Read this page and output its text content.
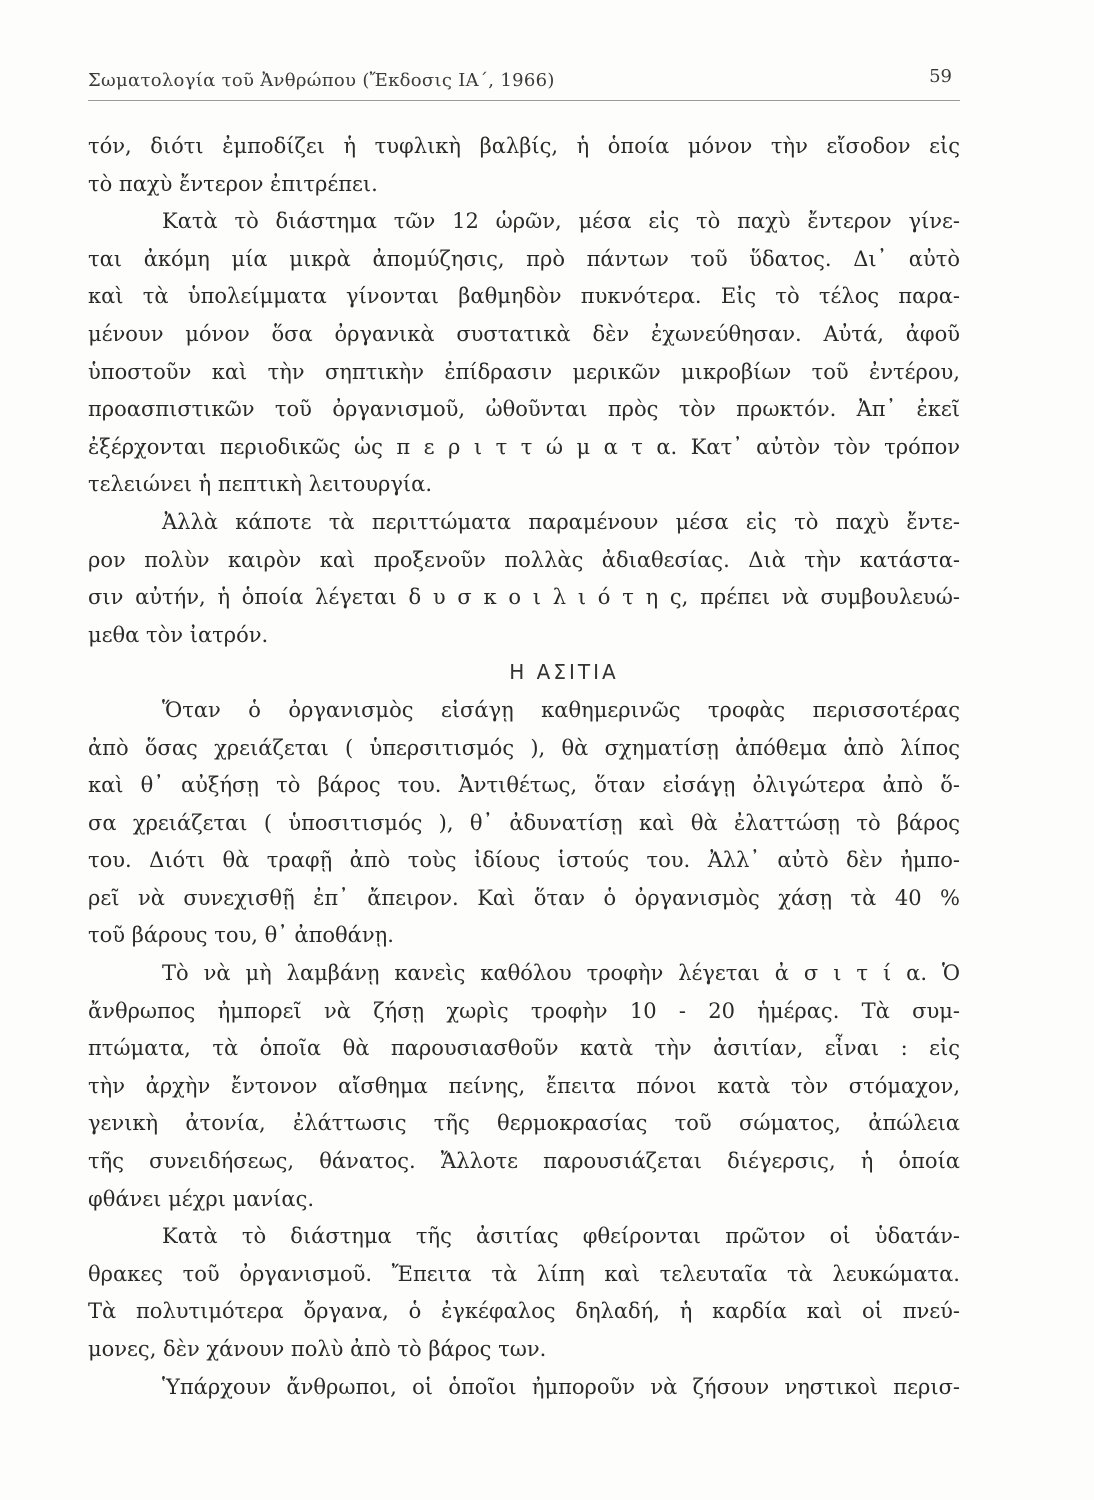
Σωματολογία τοῦ Ἀνθρώπου (Ἔκδοσις ΙΑ΄, 1966)	59
τόν, διότι ἐμποδίζει ἡ τυφλικὴ βαλβίς, ἡ ὁποία μόνον τὴν εἴσοδον εἰς
τὸ παχὺ ἔντερον ἐπιτρέπει.
Κατὰ τὸ διάστημα τῶν 12 ὡρῶν, μέσα εἰς τὸ παχὺ ἔντερον γίνε-
ται ἀκόμη μία μικρὰ ἀπομύζησις, πρὸ πάντων τοῦ ὕδατος. Δι᾽ αὐτὸ
καὶ τὰ ὑπολείμματα γίνονται βαθμηδὸν πυκνότερα. Εἰς τὸ τέλος παρα-
μένουν μόνον ὅσα ὀργανικὰ συστατικὰ δὲν ἐχωνεύθησαν. Αὐτά, ἀφοῦ
ὑποστοῦν καὶ τὴν σηπτικὴν ἐπίδρασιν μερικῶν μικροβίων τοῦ ἐντέρου,
προασπιστικῶν τοῦ ὀργανισμοῦ, ὠθοῦνται πρὸς τὸν πρωκτόν. Ἀπ᾽ ἐκεῖ
ἐξέρχονται περιοδικῶς ὡς π ε ρ ι τ τ ώ μ α τ α. Κατ᾽ αὐτὸν τὸν τρόπον
τελειώνει ἡ πεπτικὴ λειτουργία.
Ἀλλὰ κάποτε τὰ περιττώματα παραμένουν μέσα εἰς τὸ παχὺ ἔντε-
ρον πολὺν καιρὸν καὶ προξενοῦν πολλὰς ἀδιαθεσίας. Διὰ τὴν κατάστα-
σιν αὐτήν, ἡ ὁποία λέγεται δ υ σ κ ο ι λ ι ό τ η ς, πρέπει νὰ συμβουλευώ-
μεθα τὸν ἰατρόν.
Η ΑΣΙΤΙΑ
Ὅταν ὁ ὀργανισμὸς εἰσάγῃ καθημερινῶς τροφὰς περισσοτέρας
ἀπὸ ὅσας χρειάζεται ( ὑπερσιτισμός ), θὰ σχηματίσῃ ἀπόθεμα ἀπὸ λίπος
καὶ θ᾽ αὐξήσῃ τὸ βάρος του. Ἀντιθέτως, ὅταν εἰσάγῃ ὀλιγώτερα ἀπὸ ὅ-
σα χρειάζεται ( ὑποσιτισμός ), θ᾽ ἀδυνατίσῃ καὶ θὰ ἐλαττώσῃ τὸ βάρος
του. Διότι θὰ τραφῇ ἀπὸ τοὺς ἰδίους ἱστούς του. Ἀλλ᾽ αὐτὸ δὲν ἠμπο-
ρεῖ νὰ συνεχισθῇ ἐπ᾽ ἄπειρον. Καὶ ὅταν ὁ ὀργανισμὸς χάσῃ τὰ 40 %
τοῦ βάρους του, θ᾽ ἀποθάνῃ.
Τὸ νὰ μὴ λαμβάνῃ κανεὶς καθόλου τροφὴν λέγεται ἀ σ ι τ ί α. Ὁ
ἄνθρωπος ἠμπορεῖ νὰ ζήσῃ χωρὶς τροφὴν 10 - 20 ἡμέρας. Τὰ συμ-
πτώματα, τὰ ὁποῖα θὰ παρουσιασθοῦν κατὰ τὴν ἀσιτίαν, εἶναι : εἰς
τὴν ἀρχὴν ἔντονον αἴσθημα πείνης, ἔπειτα πόνοι κατὰ τὸν στόμαχον,
γενικὴ ἀτονία, ἐλάττωσις τῆς θερμοκρασίας τοῦ σώματος, ἀπώλεια
τῆς συνειδήσεως, θάνατος. Ἄλλοτε παρουσιάζεται διέγερσις, ἡ ὁποία
φθάνει μέχρι μανίας.
Κατὰ τὸ διάστημα τῆς ἀσιτίας φθείρονται πρῶτον οἱ ὑδατάν-
θρακες τοῦ ὀργανισμοῦ. Ἔπειτα τὰ λίπη καὶ τελευταῖα τὰ λευκώματα.
Τὰ πολυτιμότερα ὄργανα, ὁ ἐγκέφαλος δηλαδή, ἡ καρδία καὶ οἱ πνεύ-
μονες, δὲν χάνουν πολὺ ἀπὸ τὸ βάρος των.
Ὑπάρχουν ἄνθρωποι, οἱ ὁποῖοι ἠμποροῦν νὰ ζήσουν νηστικοὶ περισ-
